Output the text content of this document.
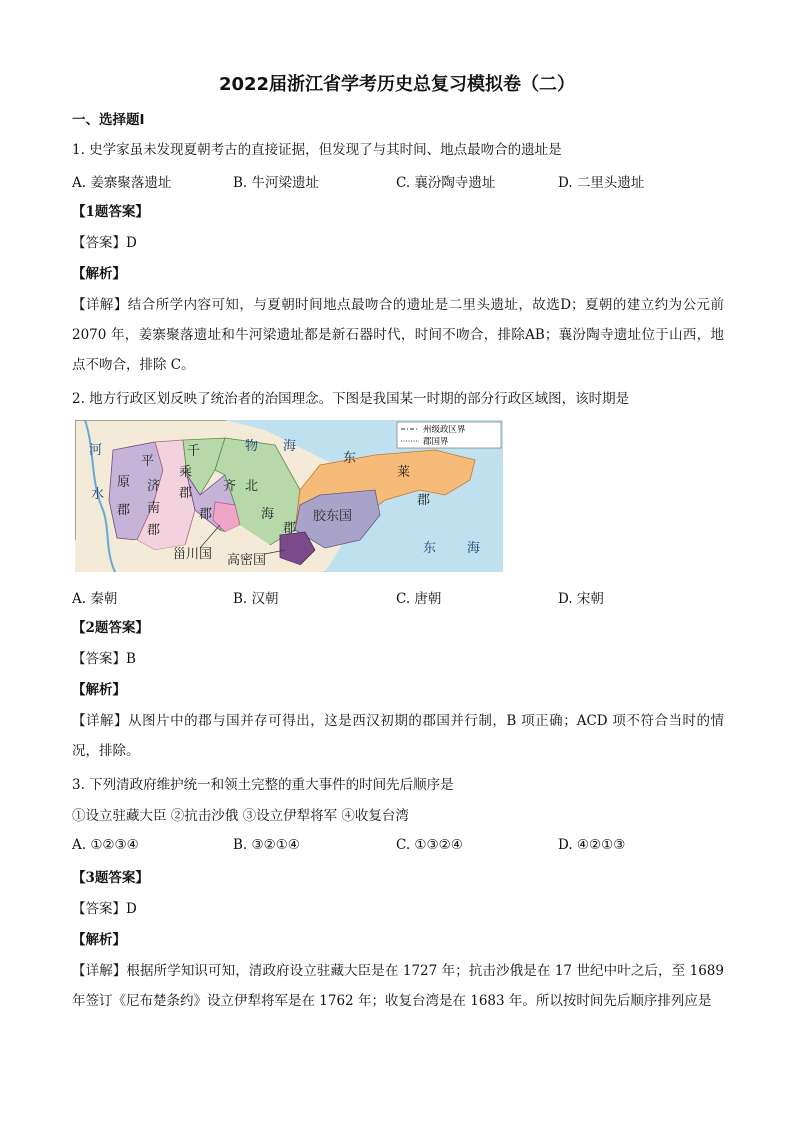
2022届浙江省学考历史总复习模拟卷（二）
一、选择题Ⅰ
1. 史学家虽未发现夏朝考古的直接证据，但发现了与其时间、地点最吻合的遗址是
A. 姜寨聚落遗址	B. 牛河梁遗址	C. 襄汾陶寺遗址	D. 二里头遗址
【1题答案】
【答案】D
【解析】
【详解】结合所学内容可知，与夏朝时间地点最吻合的遗址是二里头遗址，故选D；夏朝的建立约为公元前 2070 年，姜寨聚落遗址和牛河梁遗址都是新石器时代，时间不吻合，排除AB；襄汾陶寺遗址位于山西，地点不吻合，排除 C。
2. 地方行政区划反映了统治者的治国理念。下图是我国某一时期的部分行政区域图，该时期是
州级政区界
郡国界
河
水
物 海
东 海
平
原
郡
济
南
郡
千
乘
郡 齐
郡
北
海
郡
胶东国
东
莱
郡
甾川国 高密国
A. 秦朝	B. 汉朝	C. 唐朝	D. 宋朝
【2题答案】
【答案】B
【解析】
【详解】从图片中的郡与国并存可得出，这是西汉初期的郡国并行制，B 项正确；ACD 项不符合当时的情况，排除。
3. 下列清政府维护统一和领土完整的重大事件的时间先后顺序是
①设立驻藏大臣 ②抗击沙俄 ③设立伊犁将军 ④收复台湾
A. ①②③④	B. ③②①④	C. ①③②④	D. ④②①③
【3题答案】
【答案】D
【解析】
【详解】根据所学知识可知，清政府设立驻藏大臣是在 1727 年；抗击沙俄是在 17 世纪中叶之后，至 1689 年签订《尼布楚条约》设立伊犁将军是在 1762 年；收复台湾是在 1683 年。所以按时间先后顺序排列应是
